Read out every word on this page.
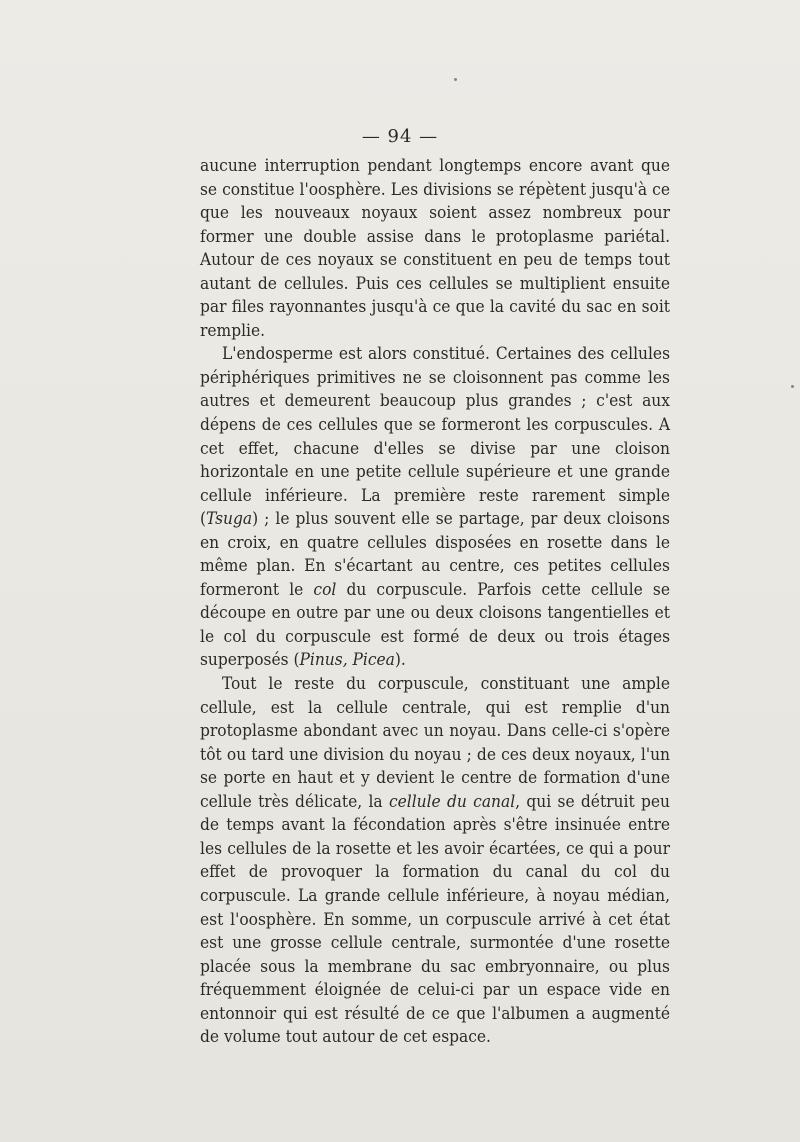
— 94 —

aucune interruption pendant longtemps encore avant que se constitue l'oosphère. Les divisions se répètent jusqu'à ce que les nouveaux noyaux soient assez nombreux pour former une double assise dans le protoplasme pariétal. Autour de ces noyaux se constituent en peu de temps tout autant de cellules. Puis ces cellules se multiplient ensuite par files rayonnantes jusqu'à ce que la cavité du sac en soit remplie.

L'endosperme est alors constitué. Certaines des cellules périphériques primitives ne se cloisonnent pas comme les autres et demeurent beaucoup plus grandes ; c'est aux dépens de ces cellules que se formeront les corpuscules. A cet effet, chacune d'elles se divise par une cloison horizontale en une petite cellule supérieure et une grande cellule inférieure. La première reste rarement simple (Tsuga) ; le plus souvent elle se partage, par deux cloisons en croix, en quatre cellules disposées en rosette dans le même plan. En s'écartant au centre, ces petites cellules formeront le col du corpuscule. Parfois cette cellule se découpe en outre par une ou deux cloisons tangentielles et le col du corpuscule est formé de deux ou trois étages superposés (Pinus, Picea).

Tout le reste du corpuscule, constituant une ample cellule, est la cellule centrale, qui est remplie d'un protoplasme abondant avec un noyau. Dans celle-ci s'opère tôt ou tard une division du noyau ; de ces deux noyaux, l'un se porte en haut et y devient le centre de formation d'une cellule très délicate, la cellule du canal, qui se détruit peu de temps avant la fécondation après s'être insinuée entre les cellules de la rosette et les avoir écartées, ce qui a pour effet de provoquer la formation du canal du col du corpuscule. La grande cellule inférieure, à noyau médian, est l'oosphère. En somme, un corpuscule arrivé à cet état est une grosse cellule centrale, surmontée d'une rosette placée sous la membrane du sac embryonnaire, ou plus fréquemment éloignée de celui-ci par un espace vide en entonnoir qui est résulté de ce que l'albumen a augmenté de volume tout autour de cet espace.
